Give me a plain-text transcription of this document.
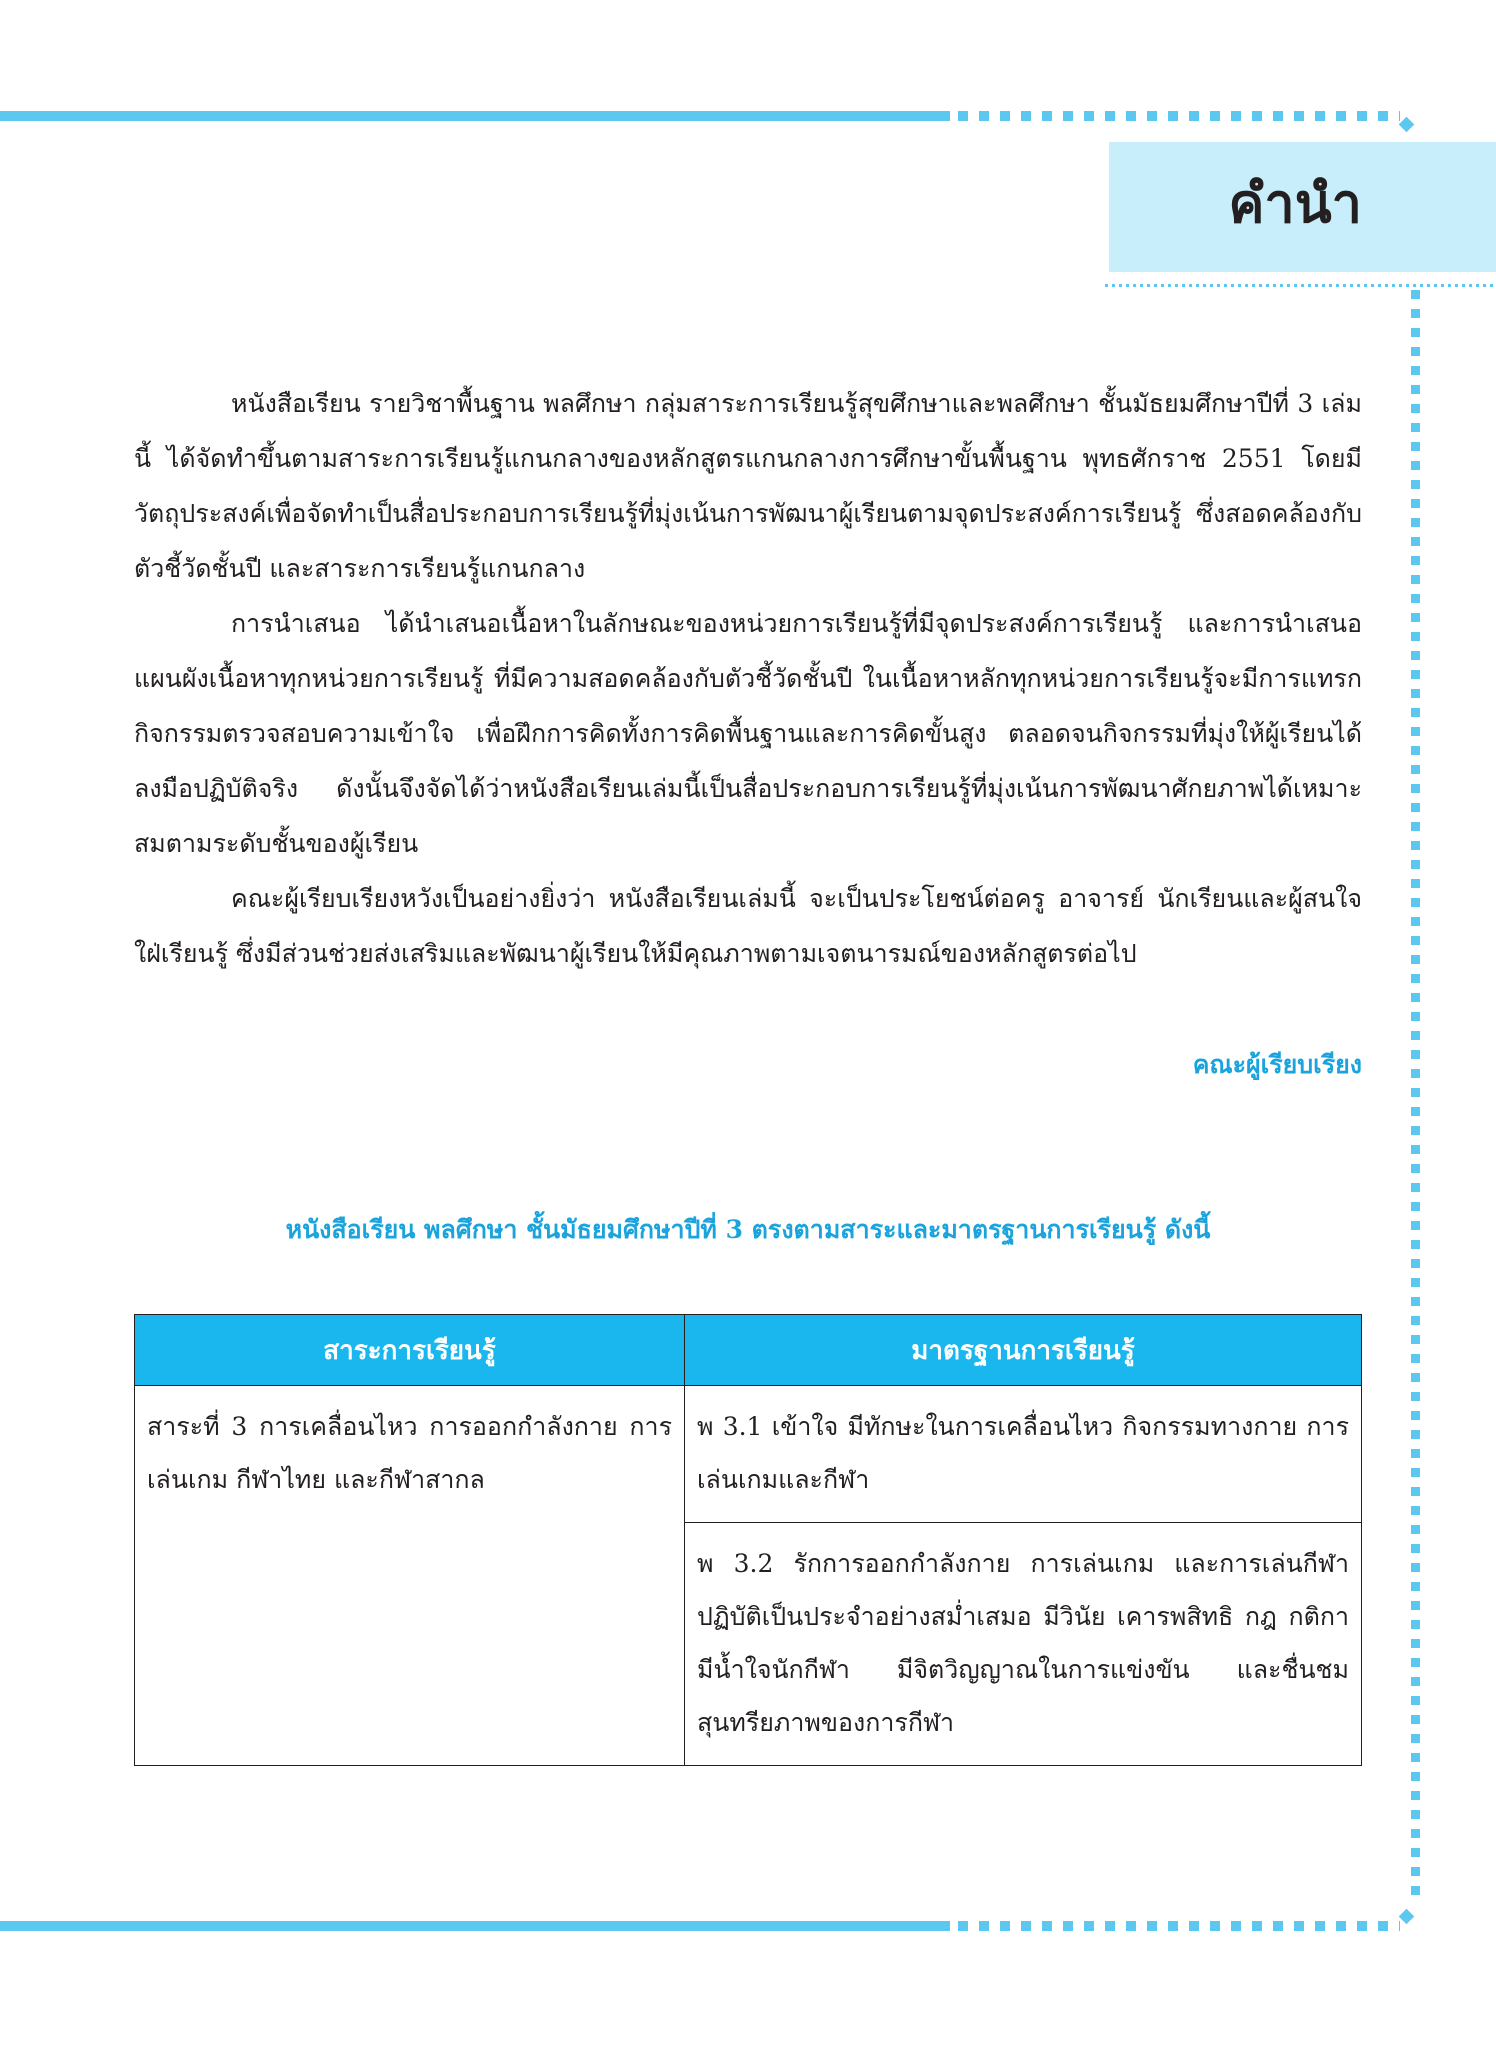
คำนำ

หนังสือเรียน รายวิชาพื้นฐาน พลศึกษา กลุ่มสาระการเรียนรู้สุขศึกษาและพลศึกษา ชั้นมัธยมศึกษาปีที่ 3 เล่มนี้ ได้จัดทำขึ้นตามสาระการเรียนรู้แกนกลางของหลักสูตรแกนกลางการศึกษาขั้นพื้นฐาน พุทธศักราช 2551 โดยมีวัตถุประสงค์เพื่อจัดทำเป็นสื่อประกอบการเรียนรู้ที่มุ่งเน้นการพัฒนาผู้เรียนตามจุดประสงค์การเรียนรู้ ซึ่งสอดคล้องกับตัวชี้วัดชั้นปี และสาระการเรียนรู้แกนกลาง

การนำเสนอ ได้นำเสนอเนื้อหาในลักษณะของหน่วยการเรียนรู้ที่มีจุดประสงค์การเรียนรู้ และการนำเสนอแผนผังเนื้อหาทุกหน่วยการเรียนรู้ ที่มีความสอดคล้องกับตัวชี้วัดชั้นปี ในเนื้อหาหลักทุกหน่วยการเรียนรู้จะมีการแทรกกิจกรรมตรวจสอบความเข้าใจ เพื่อฝึกการคิดทั้งการคิดพื้นฐานและการคิดขั้นสูง ตลอดจนกิจกรรมที่มุ่งให้ผู้เรียนได้ลงมือปฏิบัติจริง ดังนั้นจึงจัดได้ว่าหนังสือเรียนเล่มนี้เป็นสื่อประกอบการเรียนรู้ที่มุ่งเน้นการพัฒนาศักยภาพได้เหมาะสมตามระดับชั้นของผู้เรียน

คณะผู้เรียบเรียงหวังเป็นอย่างยิ่งว่า หนังสือเรียนเล่มนี้ จะเป็นประโยชน์ต่อครู อาจารย์ นักเรียนและผู้สนใจใฝ่เรียนรู้ ซึ่งมีส่วนช่วยส่งเสริมและพัฒนาผู้เรียนให้มีคุณภาพตามเจตนารมณ์ของหลักสูตรต่อไป

คณะผู้เรียบเรียง
หนังสือเรียน พลศึกษา ชั้นมัธยมศึกษาปีที่ 3 ตรงตามสาระและมาตรฐานการเรียนรู้ ดังนี้
สาระการเรียนรู้	มาตรฐานการเรียนรู้
สาระที่ 3 การเคลื่อนไหว การออกกำลังกาย การเล่นเกม กีฬาไทย และกีฬาสากล	พ 3.1 เข้าใจ มีทักษะในการเคลื่อนไหว กิจกรรมทางกาย การเล่นเกมและกีฬา
	พ 3.2 รักการออกกำลังกาย การเล่นเกม และการเล่นกีฬา ปฏิบัติเป็นประจำอย่างสม่ำเสมอ มีวินัย เคารพสิทธิ กฎ กติกา มีน้ำใจนักกีฬา มีจิตวิญญาณในการแข่งขัน และชื่นชมสุนทรียภาพของการกีฬา
